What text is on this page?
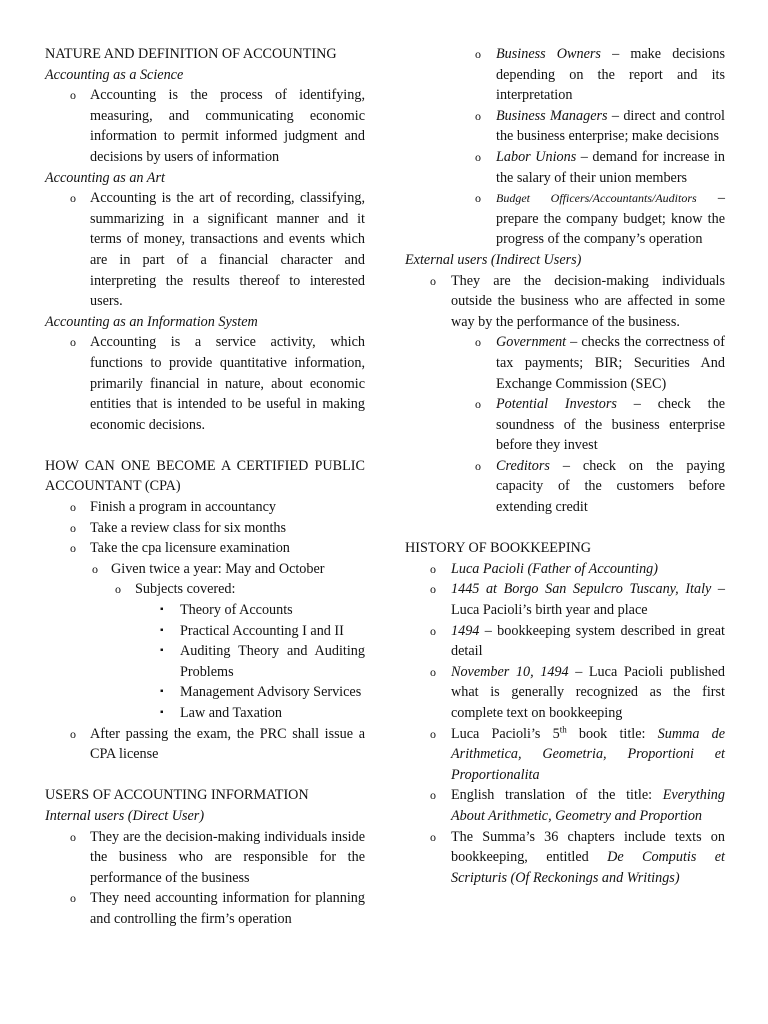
NATURE AND DEFINITION OF ACCOUNTING
Accounting as a Science
o Accounting is the process of identifying, measuring, and communicating economic information to permit informed judgment and decisions by users of information
Accounting as an Art
o Accounting is the art of recording, classifying, summarizing in a significant manner and it terms of money, transactions and events which are in part of a financial character and interpreting the results thereof to interested users.
Accounting as an Information System
o Accounting is a service activity, which functions to provide quantitative information, primarily financial in nature, about economic entities that is intended to be useful in making economic decisions.
HOW CAN ONE BECOME A CERTIFIED PUBLIC ACCOUNTANT (CPA)
o Finish a program in accountancy
o Take a review class for six months
o Take the cpa licensure examination
o Given twice a year: May and October
o Subjects covered:
▪ Theory of Accounts
▪ Practical Accounting I and II
▪ Auditing Theory and Auditing Problems
▪ Management Advisory Services
▪ Law and Taxation
o After passing the exam, the PRC shall issue a CPA license
USERS OF ACCOUNTING INFORMATION
Internal users (Direct User)
o They are the decision-making individuals inside the business who are responsible for the performance of the business
o They need accounting information for planning and controlling the firm’s operation
o Business Owners – make decisions depending on the report and its interpretation
o Business Managers – direct and control the business enterprise; make decisions
o Labor Unions – demand for increase in the salary of their union members
o Budget Officers/Accountants/Auditors – prepare the company budget; know the progress of the company’s operation
External users (Indirect Users)
o They are the decision-making individuals outside the business who are affected in some way by the performance of the business.
o Government – checks the correctness of tax payments; BIR; Securities And Exchange Commission (SEC)
o Potential Investors – check the soundness of the business enterprise before they invest
o Creditors – check on the paying capacity of the customers before extending credit
HISTORY OF BOOKKEEPING
o Luca Pacioli (Father of Accounting)
o 1445 at Borgo San Sepulcro Tuscany, Italy – Luca Pacioli’s birth year and place
o 1494 – bookkeeping system described in great detail
o November 10, 1494 – Luca Pacioli published what is generally recognized as the first complete text on bookkeeping
o Luca Pacioli’s 5th book title: Summa de Arithmetica, Geometria, Proportioni et Proportionalita
o English translation of the title: Everything About Arithmetic, Geometry and Proportion
o The Summa’s 36 chapters include texts on bookkeeping, entitled De Computis et Scripturis (Of Reckonings and Writings)
